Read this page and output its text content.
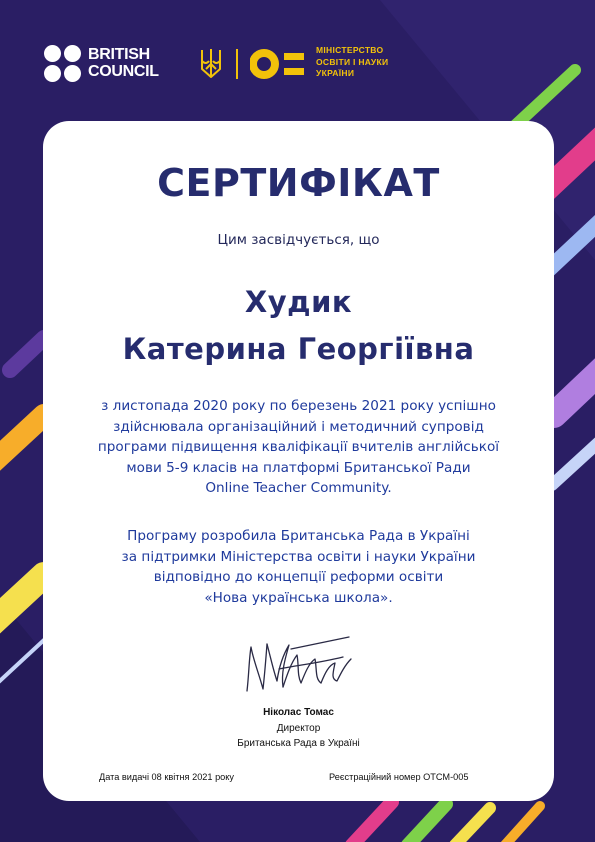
BRITISH
COUNCIL
МІНІСТЕРСТВО
ОСВІТИ І НАУКИ
УКРАЇНИ
СЕРТИФІКАТ
Цим засвідчується, що
Худик
Катерина Георгіївна
з листопада 2020 року по березень 2021 року успішно
здійснювала організаційний і методичний супровід
програми підвищення кваліфікації вчителів англійської
мови 5-9 класів на платформі Британської Ради
Online Teacher Community.
Програму розробила Британська Рада в Україні
за підтримки Міністерства освіти і науки України
відповідно до концепції реформи освіти
«Нова українська школа».
Ніколас Томас
Директор
Британська Рада в Україні
Дата видачі 08 квітня 2021 року	Реєстраційний номер ОТСМ-005
